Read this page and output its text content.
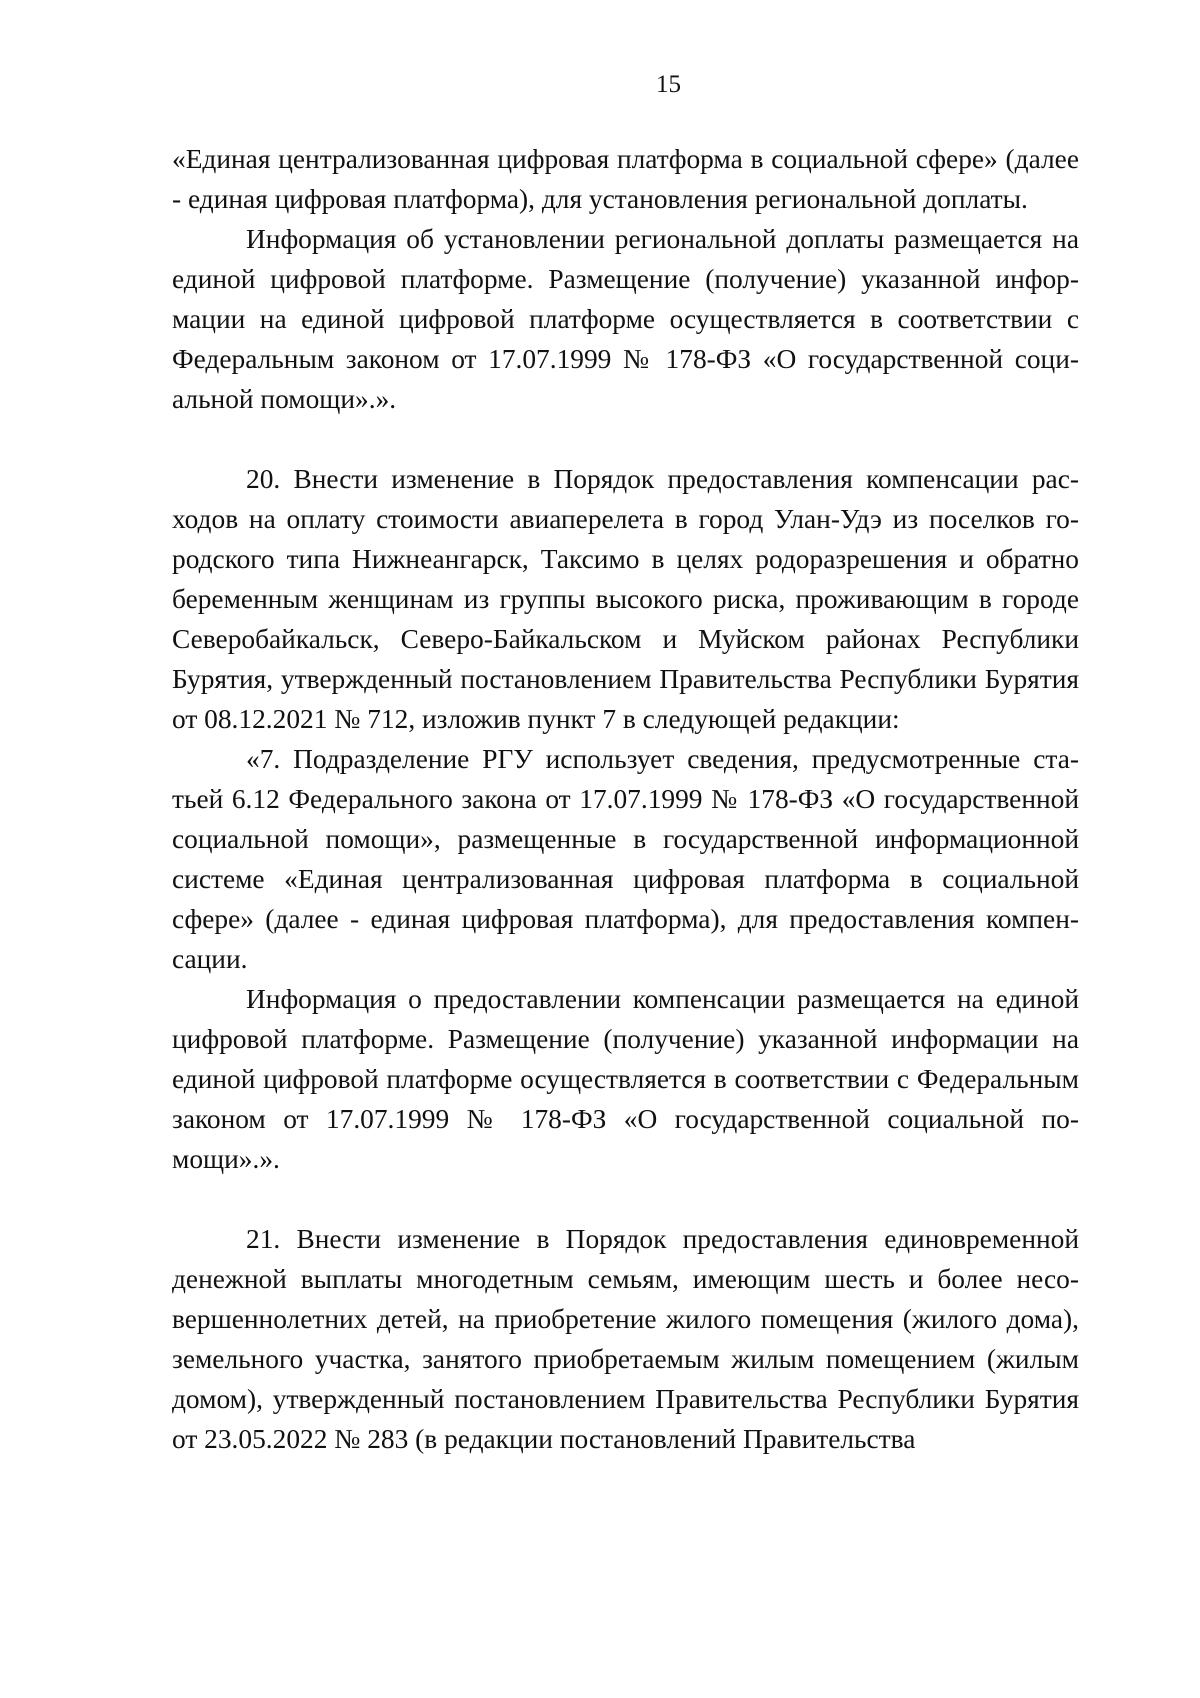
15

«Единая централизованная цифровая платформа в социальной сфере» (далее - единая цифровая платформа), для установления региональной доплаты.

Информация об установлении региональной доплаты размещается на единой цифровой платформе. Размещение (получение) указанной информации на единой цифровой платформе осуществляется в соответствии с Федеральным законом от 17.07.1999 № 178-ФЗ «О государственной социальной помощи».».

20. Внести изменение в Порядок предоставления компенсации расходов на оплату стоимости авиаперелета в город Улан-Удэ из поселков городского типа Нижнеангарск, Таксимо в целях родоразрешения и обратно беременным женщинам из группы высокого риска, проживающим в городе Северобайкальск, Северо-Байкальском и Муйском районах Республики Бурятия, утвержденный постановлением Правительства Республики Бурятия от 08.12.2021 № 712, изложив пункт 7 в следующей редакции:

«7. Подразделение РГУ использует сведения, предусмотренные статьей 6.12 Федерального закона от 17.07.1999 № 178-ФЗ «О государственной социальной помощи», размещенные в государственной информационной системе «Единая централизованная цифровая платформа в социальной сфере» (далее - единая цифровая платформа), для предоставления компенсации.

Информация о предоставлении компенсации размещается на единой цифровой платформе. Размещение (получение) указанной информации на единой цифровой платформе осуществляется в соответствии с Федеральным законом от 17.07.1999 № 178-ФЗ «О государственной социальной помощи».».

21. Внести изменение в Порядок предоставления единовременной денежной выплаты многодетным семьям, имеющим шесть и более несовершеннолетних детей, на приобретение жилого помещения (жилого дома), земельного участка, занятого приобретаемым жилым помещением (жилым домом), утвержденный постановлением Правительства Республики Бурятия от 23.05.2022 № 283 (в редакции постановлений Правительства
